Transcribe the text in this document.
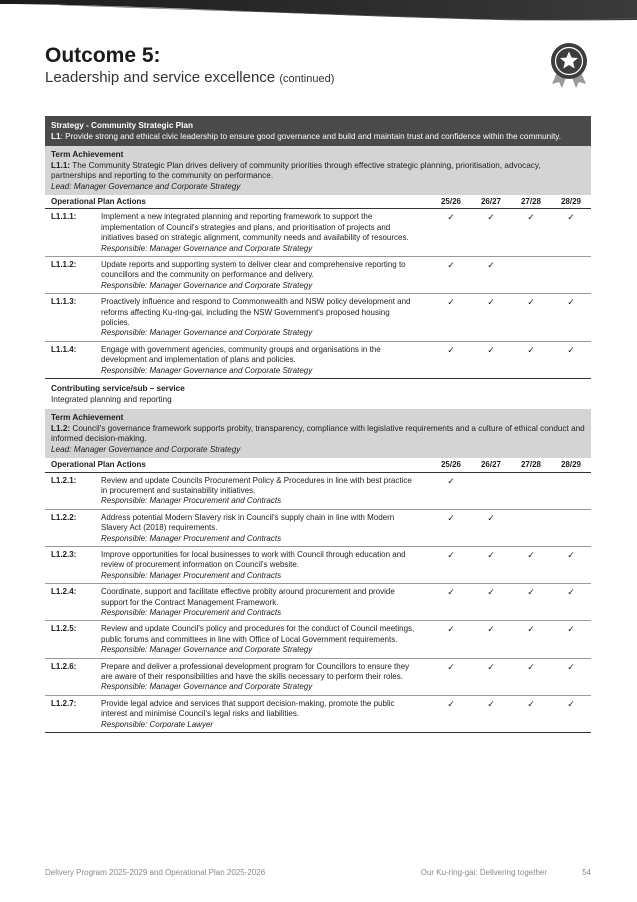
Outcome 5:
Leadership and service excellence (continued)
Strategy - Community Strategic Plan
L1: Provide strong and ethical civic leadership to ensure good governance and build and maintain trust and confidence within the community.
Term Achievement
L1.1: The Community Strategic Plan drives delivery of community priorities through effective strategic planning, prioritisation, advocacy, partnerships and reporting to the community on performance.
Lead: Manager Governance and Corporate Strategy
Operational Plan Actions		25/26	26/27	27/28	28/29
L1.1.1:	Implement a new integrated planning and reporting framework to support the implementation of Council's strategies and plans, and prioritisation of projects and initiatives based on strategic alignment, community needs and availability of resources.
Responsible: Manager Governance and Corporate Strategy	✓	✓	✓	✓
L1.1.2:	Update reports and supporting system to deliver clear and comprehensive reporting to councillors and the community on performance and delivery.
Responsible: Manager Governance and Corporate Strategy	✓	✓		
L1.1.3:	Proactively influence and respond to Commonwealth and NSW policy development and reforms affecting Ku-ring-gai, including the NSW Government's proposed housing policies.
Responsible: Manager Governance and Corporate Strategy	✓	✓	✓	✓
L1.1.4:	Engage with government agencies, community groups and organisations in the development and implementation of plans and policies.
Responsible: Manager Governance and Corporate Strategy	✓	✓	✓	✓
Contributing service/sub – service
Integrated planning and reporting
Term Achievement
L1.2: Council's governance framework supports probity, transparency, compliance with legislative requirements and a culture of ethical conduct and informed decision-making.
Lead: Manager Governance and Corporate Strategy
Operational Plan Actions		25/26	26/27	27/28	28/29
L1.2.1:	Review and update Councils Procurement Policy & Procedures in line with best practice in procurement and sustainability initiatives.
Responsible: Manager Procurement and Contracts	✓			
L1.2.2:	Address potential Modern Slavery risk in Council's supply chain in line with Modern Slavery Act (2018) requirements.
Responsible: Manager Procurement and Contracts	✓	✓		
L1.2.3:	Improve opportunities for local businesses to work with Council through education and review of procurement information on Council's website.
Responsible: Manager Procurement and Contracts	✓	✓	✓	✓
L1.2.4:	Coordinate, support and facilitate effective probity around procurement and provide support for the Contract Management Framework.
Responsible: Manager Procurement and Contracts	✓	✓	✓	✓
L1.2.5:	Review and update Council's policy and procedures for the conduct of Council meetings, public forums and committees in line with Office of Local Government requirements.
Responsible: Manager Governance and Corporate Strategy	✓	✓	✓	✓
L1.2.6:	Prepare and deliver a professional development program for Councillors to ensure they are aware of their responsibilities and have the skills necessary to perform their roles.
Responsible: Manager Governance and Corporate Strategy	✓	✓	✓	✓
L1.2.7:	Provide legal advice and services that support decision-making, promote the public interest and minimise Council's legal risks and liabilities.
Responsible: Corporate Lawyer	✓	✓	✓	✓
Delivery Program 2025-2029 and Operational Plan 2025-2026	Our Ku-ring-gai: Delivering together	54
